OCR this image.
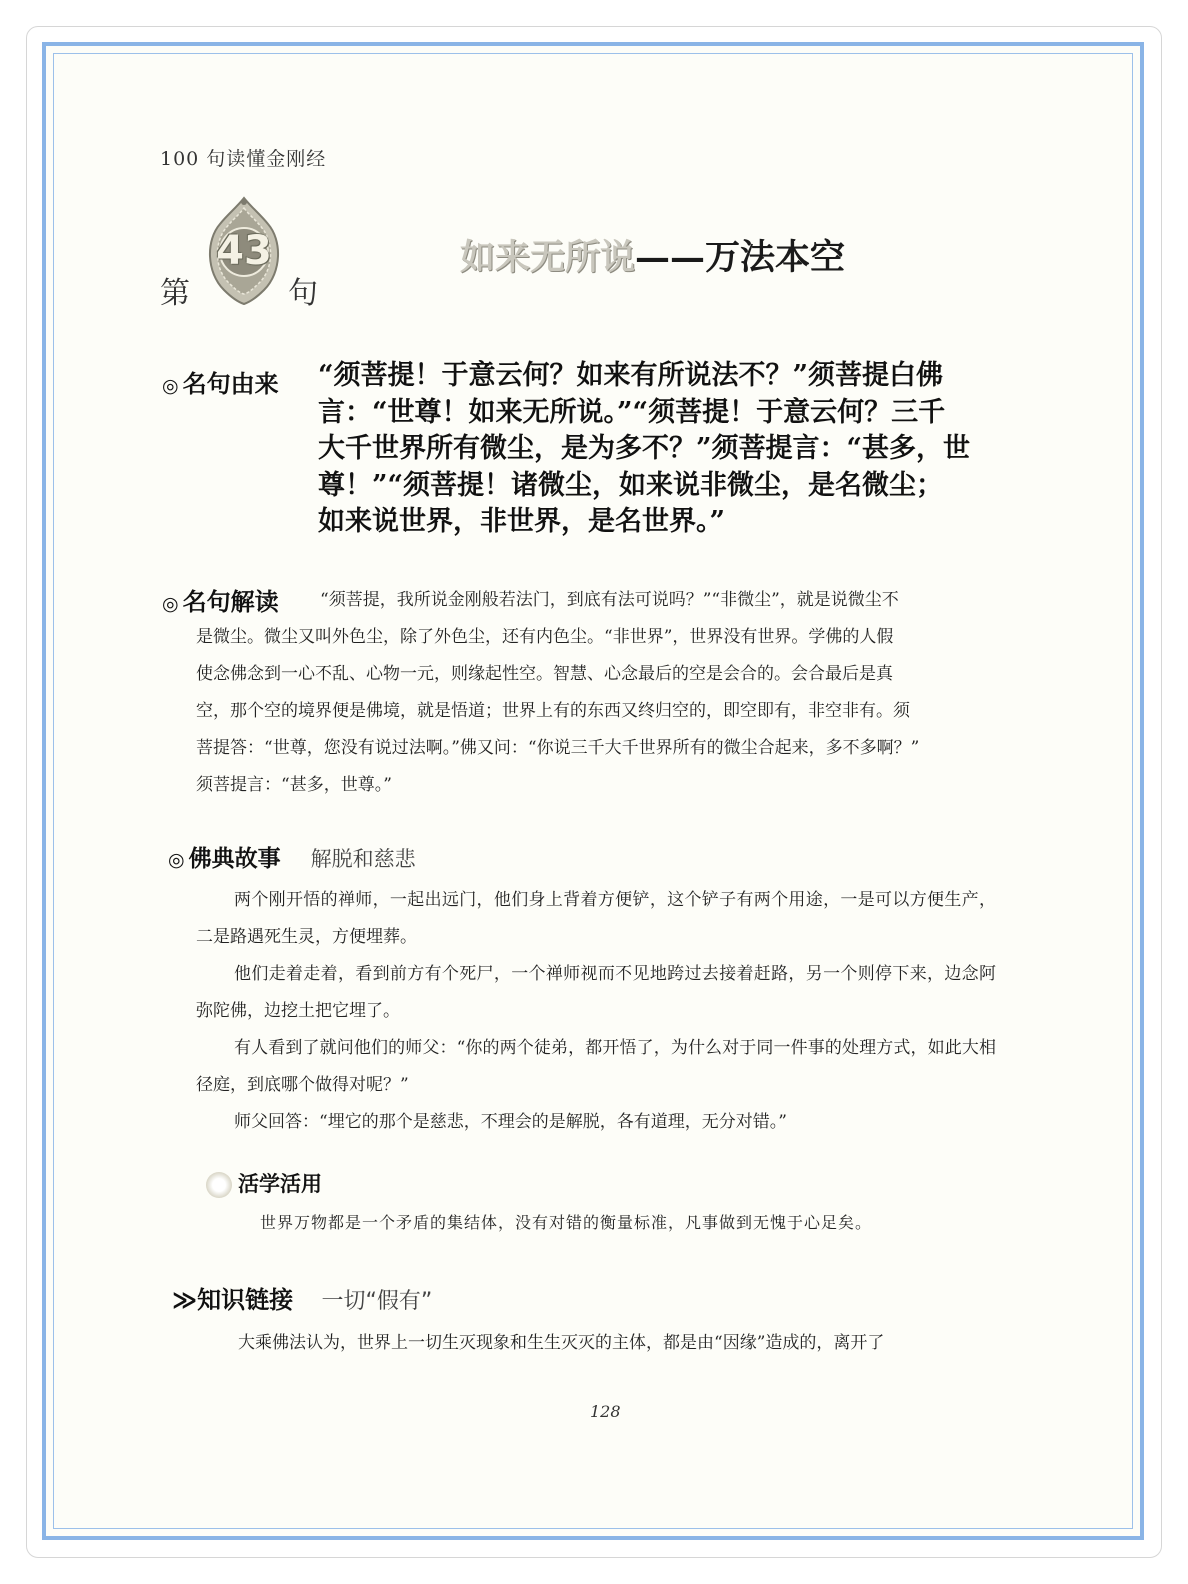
100 句读懂金刚经
第
43
句
如来无所说——万法本空
◎ 名句由来 “须菩提！于意云何？如来有所说法不？”须菩提白佛

言：“世尊！如来无所说。”“须菩提！于意云何？三千

大千世界所有微尘，是为多不？”须菩提言：“甚多，世

尊！”“须菩提！诸微尘，如来说非微尘，是名微尘；

如来说世界，非世界，是名世界。”

◎ 名句解读	“须菩提，我所说金刚般若法门，到底有法可说吗？”“非微尘”，就是说微尘不

是微尘。微尘又叫外色尘，除了外色尘，还有内色尘。“非世界”，世界没有世界。学佛的人假

使念佛念到一心不乱、心物一元，则缘起性空。智慧、心念最后的空是会合的。会合最后是真

空，那个空的境界便是佛境，就是悟道；世界上有的东西又终归空的，即空即有，非空非有。须

菩提答：“世尊，您没有说过法啊。”佛又问：“你说三千大千世界所有的微尘合起来，多不多啊？”

须菩提言：“甚多，世尊。”

◎ 佛典故事 解脱和慈悲

两个刚开悟的禅师，一起出远门，他们身上背着方便铲，这个铲子有两个用途，一是可以方便生产，二是路遇死生灵，方便埋葬。

他们走着走着，看到前方有个死尸，一个禅师视而不见地跨过去接着赶路，另一个则停下来，边念阿弥陀佛，边挖土把它埋了。

有人看到了就问他们的师父：“你的两个徒弟，都开悟了，为什么对于同一件事的处理方式，如此大相径庭，到底哪个做得对呢？”

师父回答：“埋它的那个是慈悲，不理会的是解脱，各有道理，无分对错。”

活学活用
世界万物都是一个矛盾的集结体，没有对错的衡量标准，凡事做到无愧于心足矣。
≫知识链接 一切“假有”
大乘佛法认为，世界上一切生灭现象和生生灭灭的主体，都是由“因缘”造成的，离开了
128
